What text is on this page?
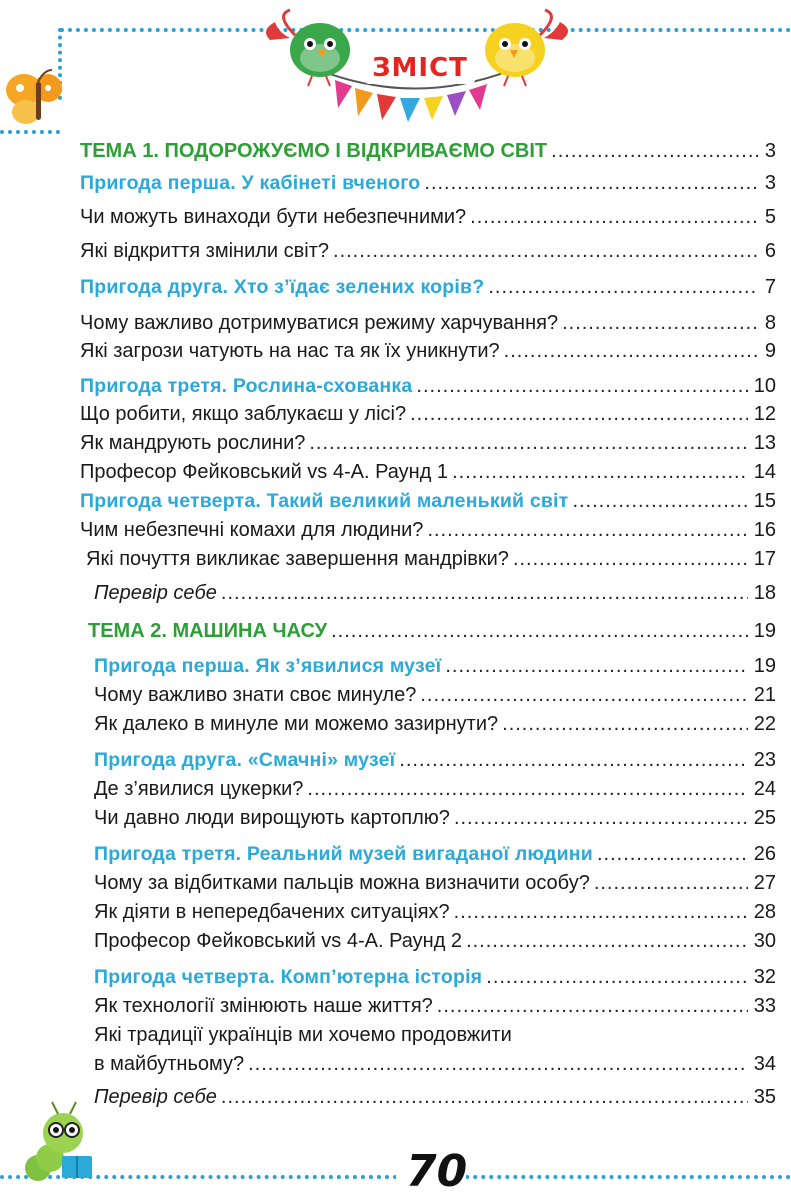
ЗМІСТ
70
ТЕМА 1. ПОДОРОЖУЄМО І ВІДКРИВАЄМО СВІТ .....	3
Пригода перша. У кабінеті вченого .....	3
Чи можуть винаходи бути небезпечними? .....	5
Які відкриття змінили світ? .....	6
Пригода друга. Хто з’їдає зелених корів? .....	7
Чому важливо дотримуватися режиму харчування? .....	8
Які загрози чатують на нас та як їх уникнути? .....	9
Пригода третя. Рослина-схованка .....	10
Що робити, якщо заблукаєш у лісі? .....	12
Як мандрують рослини? .....	13
Професор Фейковський vs 4-А. Раунд 1 .....	14
Пригода четверта. Такий великий маленький світ .....	15
Чим небезпечні комахи для людини? .....	16
Які почуття викликає завершення мандрівки? .....	17
Перевір себе .....	18
ТЕМА 2. МАШИНА ЧАСУ .....	19
Пригода перша. Як з’явилися музеї .....	19
Чому важливо знати своє минуле? .....	21
Як далеко в минуле ми можемо зазирнути? .....	22
Пригода друга. «Смачні» музеї .....	23
Де з’явилися цукерки? .....	24
Чи давно люди вирощують картоплю? .....	25
Пригода третя. Реальний музей вигаданої людини .....	26
Чому за відбитками пальців можна визначити особу? .....	27
Як діяти в непередбачених ситуаціях? .....	28
Професор Фейковський vs 4-А. Раунд 2 .....	30
Пригода четверта. Комп’ютерна історія .....	32
Як технології змінюють наше життя? .....	33
Які традиції українців ми хочемо продовжити
в майбутньому? .....	34
Перевір себе .....	35
